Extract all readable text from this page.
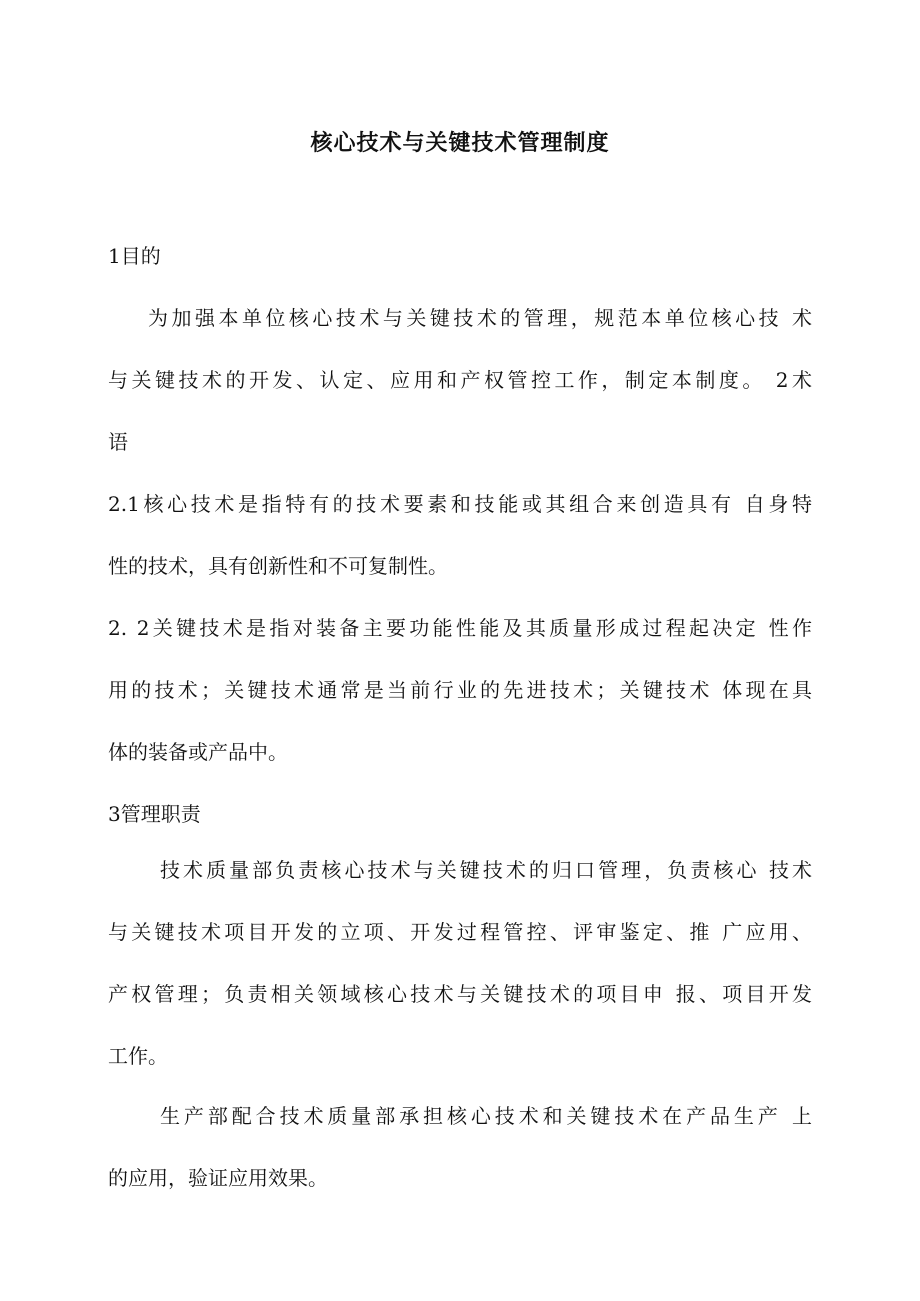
核心技术与关键技术管理制度
1目的
为加强本单位核心技术与关键技术的管理，规范本单位核心技 术
与关键技术的开发、认定、应用和产权管控工作，制定本制度。 2术
语
2.1核心技术是指特有的技术要素和技能或其组合来创造具有 自身特
性的技术，具有创新性和不可复制性。
2. 2关键技术是指对装备主要功能性能及其质量形成过程起决定 性作
用的技术；关键技术通常是当前行业的先进技术；关键技术 体现在具
体的装备或产品中。
3管理职责
技术质量部负责核心技术与关键技术的归口管理，负责核心 技术
与关键技术项目开发的立项、开发过程管控、评审鉴定、推 广应用、
产权管理；负责相关领域核心技术与关键技术的项目申 报、项目开发
工作。
生产部配合技术质量部承担核心技术和关键技术在产品生产 上
的应用，验证应用效果。
